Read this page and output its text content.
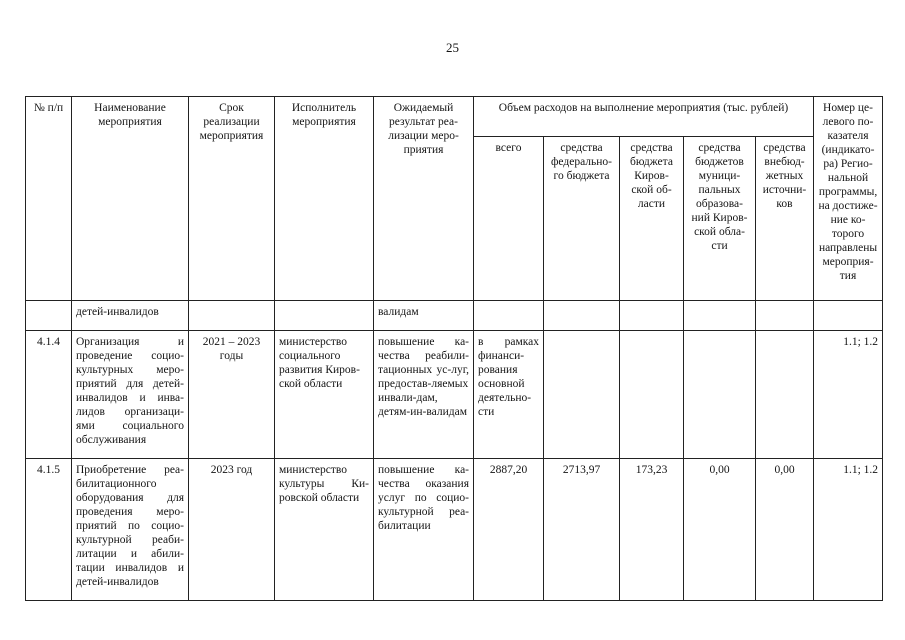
25
№ п/п	Наименование мероприятия	Срок реализации мероприятия	Исполнитель мероприятия	Ожидаемый результат реа-лизации меро-приятия	Объем расходов на выполнение мероприятия (тыс. рублей)					Номер це-левого по-казателя (индикато-ра) Регио-нальной программы, на достиже-ние ко-торого направлены мероприя-тия
					всего	средства федерально-го бюджета	средства бюджета Киров-ской об-ласти	средства бюджетов муници-пальных образова-ний Киров-ской обла-сти	средства внебюд-жетных источни-ков	
	детей-инвалидов			валидам						
4.1.4	Организация и проведение социо-культурных меро-приятий для детей-инвалидов и инва-лидов организаци-ями социального обслуживания	2021 – 2023 годы	министерство социального развития Киров-ской области	повышение ка-чества реабили-тационных ус-луг, предостав-ляемых инвали-дам, детям-ин-валидам	в рамках финанси-рования основной деятельно-сти					1.1; 1.2
4.1.5	Приобретение реа-билитационного оборудования для проведения меро-приятий по социо-культурной реаби-литации и абили-тации инвалидов и детей-инвалидов	2023 год	министерство культуры Ки-ровской области	повышение ка-чества оказания услуг по социо-культурной реа-билитации	2887,20	2713,97	173,23	0,00	0,00	1.1; 1.2
